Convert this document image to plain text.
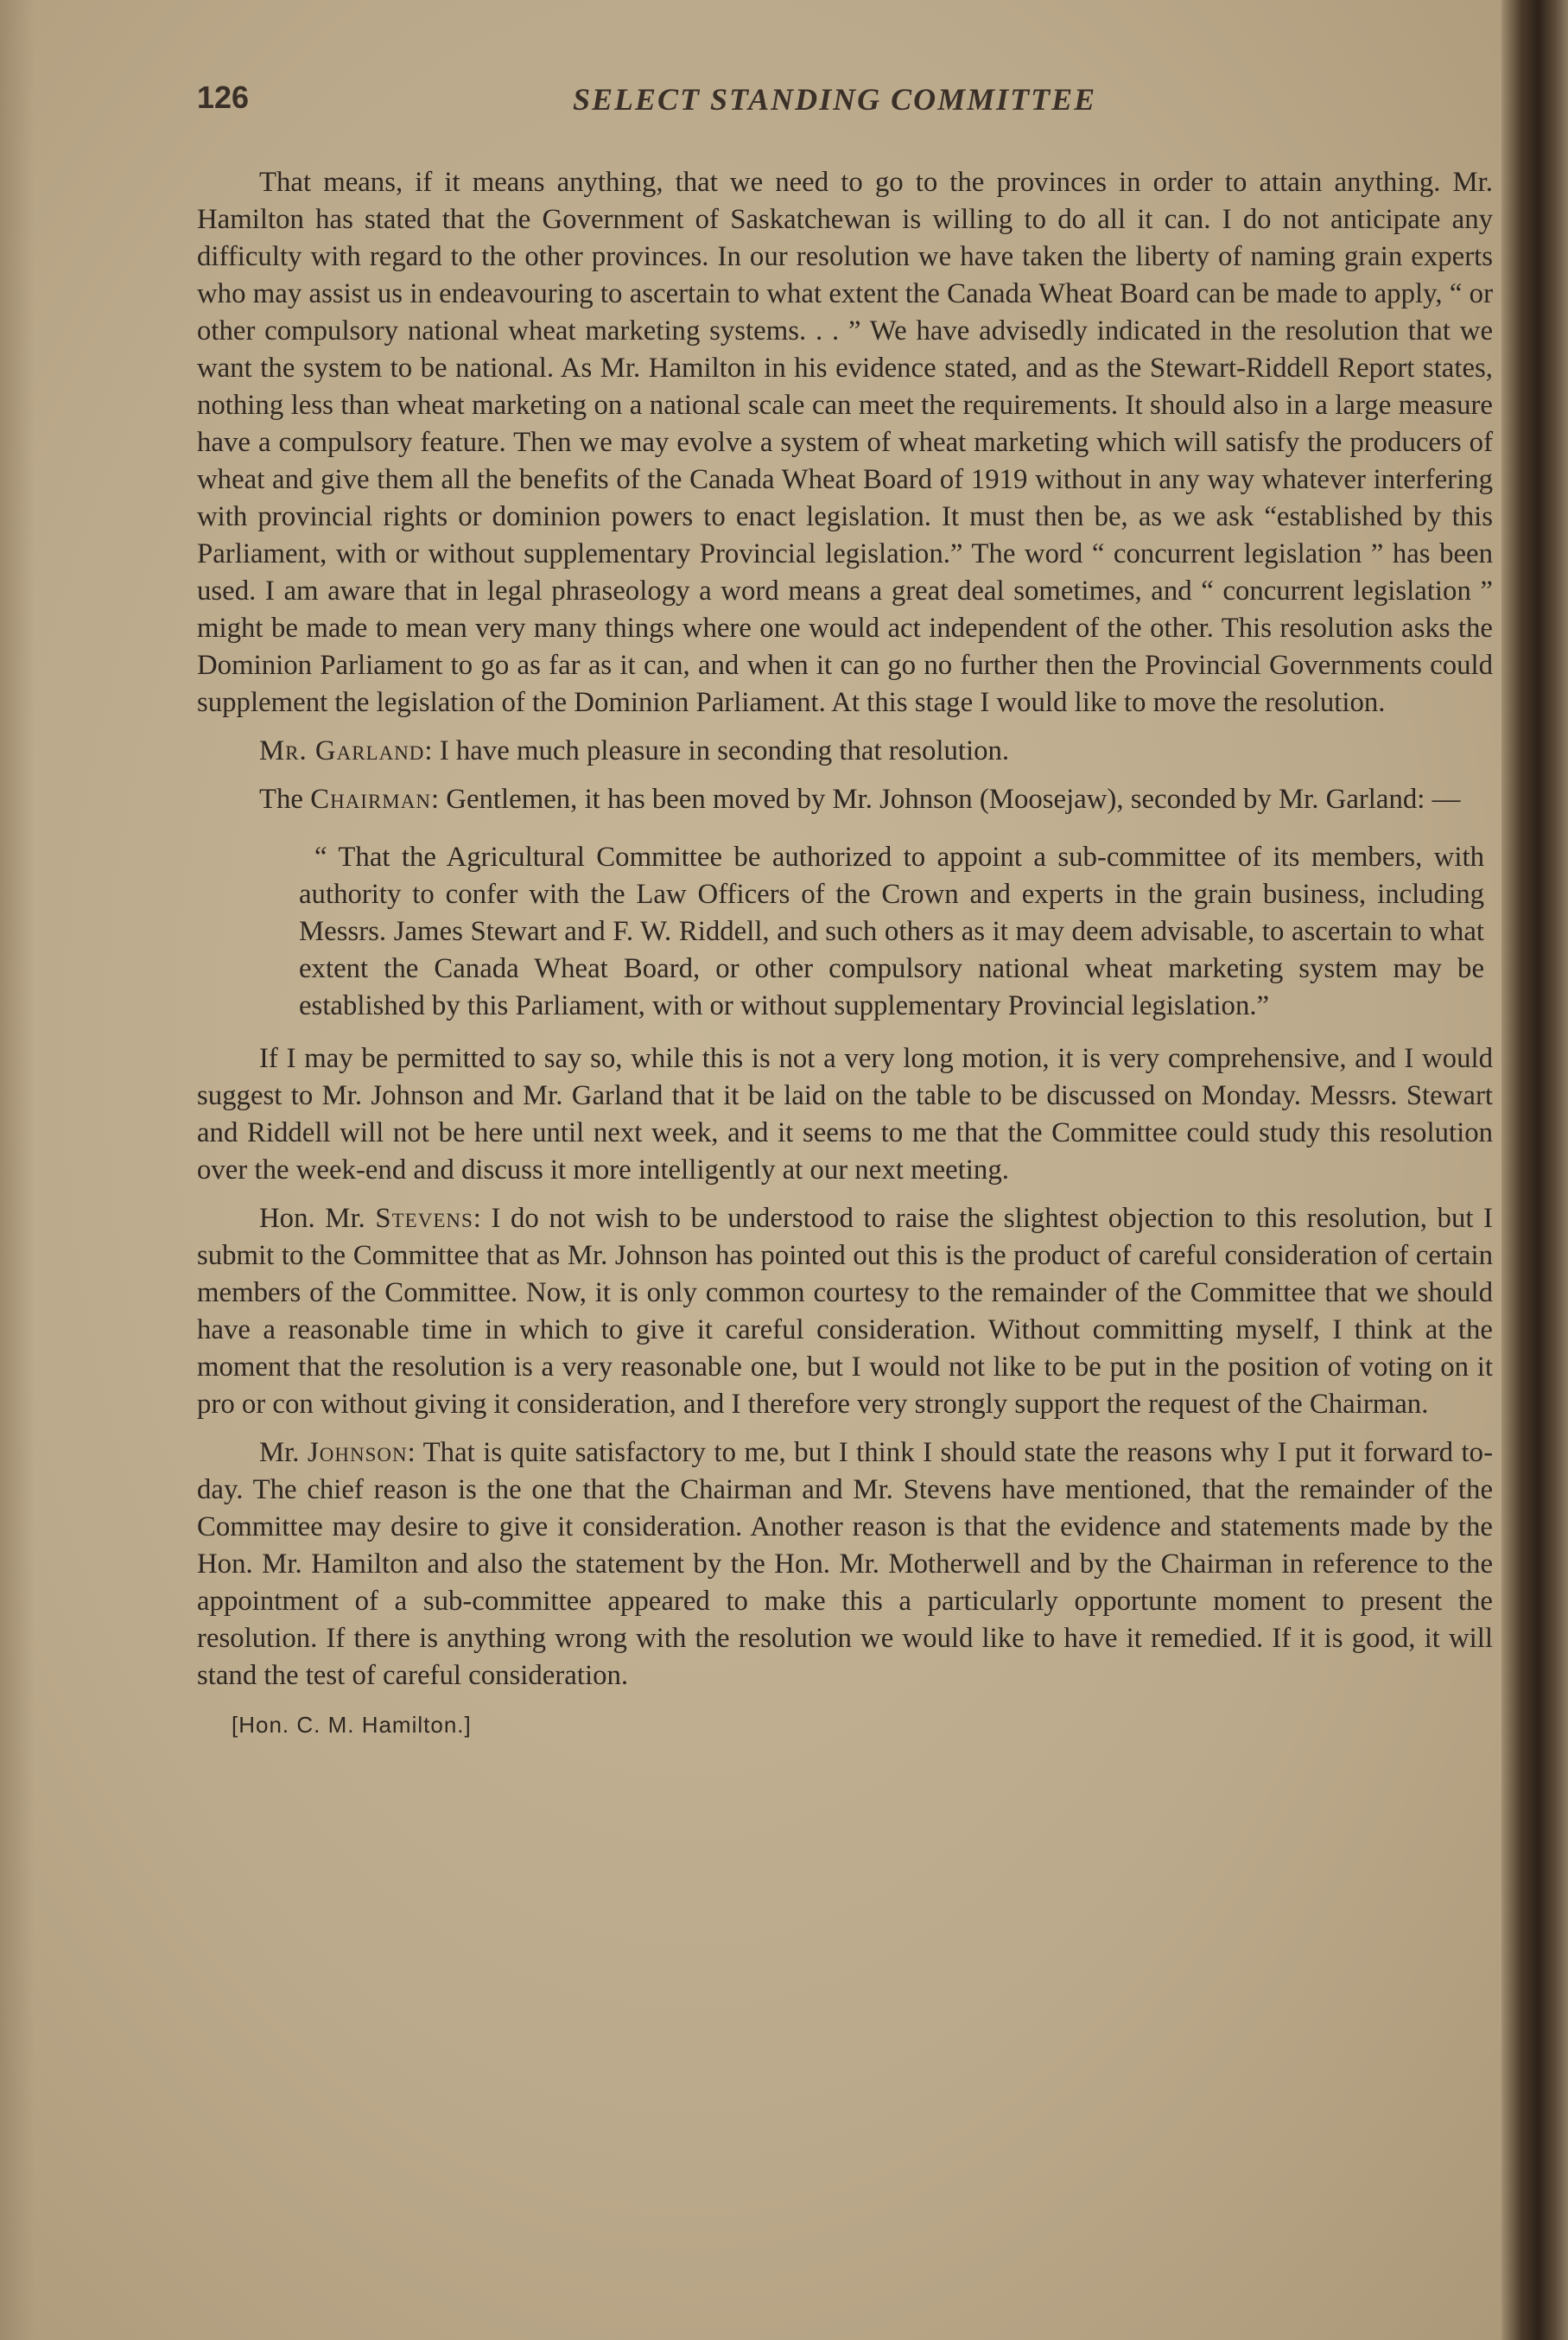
126	SELECT STANDING COMMITTEE

That means, if it means anything, that we need to go to the provinces in order to attain anything. Mr. Hamilton has stated that the Government of Saskatchewan is willing to do all it can. I do not anticipate any difficulty with regard to the other provinces. In our resolution we have taken the liberty of naming grain experts who may assist us in endeavouring to ascertain to what extent the Canada Wheat Board can be made to apply, “ or other compulsory national wheat marketing systems. . . ” We have advisedly indicated in the resolution that we want the system to be national. As Mr. Hamilton in his evidence stated, and as the Stewart-Riddell Report states, nothing less than wheat marketing on a national scale can meet the requirements. It should also in a large measure have a compulsory feature. Then we may evolve a system of wheat marketing which will satisfy the producers of wheat and give them all the benefits of the Canada Wheat Board of 1919 without in any way whatever interfering with provincial rights or dominion powers to enact legislation. It must then be, as we ask “established by this Parliament, with or without supplementary Provincial legislation.” The word “ concurrent legislation ” has been used. I am aware that in legal phraseology a word means a great deal sometimes, and “ concurrent legislation ” might be made to mean very many things where one would act independent of the other. This resolution asks the Dominion Parliament to go as far as it can, and when it can go no further then the Provincial Governments could supplement the legislation of the Dominion Parliament. At this stage I would like to move the resolution.

Mr. Garland: I have much pleasure in seconding that resolution.

The Chairman: Gentlemen, it has been moved by Mr. Johnson (Moosejaw), seconded by Mr. Garland: —

“ That the Agricultural Committee be authorized to appoint a sub-committee of its members, with authority to confer with the Law Officers of the Crown and experts in the grain business, including Messrs. James Stewart and F. W. Riddell, and such others as it may deem advisable, to ascertain to what extent the Canada Wheat Board, or other compulsory national wheat marketing system may be established by this Parliament, with or without supplementary Provincial legislation.”

If I may be permitted to say so, while this is not a very long motion, it is very comprehensive, and I would suggest to Mr. Johnson and Mr. Garland that it be laid on the table to be discussed on Monday. Messrs. Stewart and Riddell will not be here until next week, and it seems to me that the Committee could study this resolution over the week-end and discuss it more intelligently at our next meeting.

Hon. Mr. Stevens: I do not wish to be understood to raise the slightest objection to this resolution, but I submit to the Committee that as Mr. Johnson has pointed out this is the product of careful consideration of certain members of the Committee. Now, it is only common courtesy to the remainder of the Committee that we should have a reasonable time in which to give it careful consideration. Without committing myself, I think at the moment that the resolution is a very reasonable one, but I would not like to be put in the position of voting on it pro or con without giving it consideration, and I therefore very strongly support the request of the Chairman.

Mr. Johnson: That is quite satisfactory to me, but I think I should state the reasons why I put it forward to-day. The chief reason is the one that the Chairman and Mr. Stevens have mentioned, that the remainder of the Committee may desire to give it consideration. Another reason is that the evidence and statements made by the Hon. Mr. Hamilton and also the statement by the Hon. Mr. Motherwell and by the Chairman in reference to the appointment of a sub-committee appeared to make this a particularly opportunte moment to present the resolution. If there is anything wrong with the resolution we would like to have it remedied. If it is good, it will stand the test of careful consideration.

[Hon. C. M. Hamilton.]
